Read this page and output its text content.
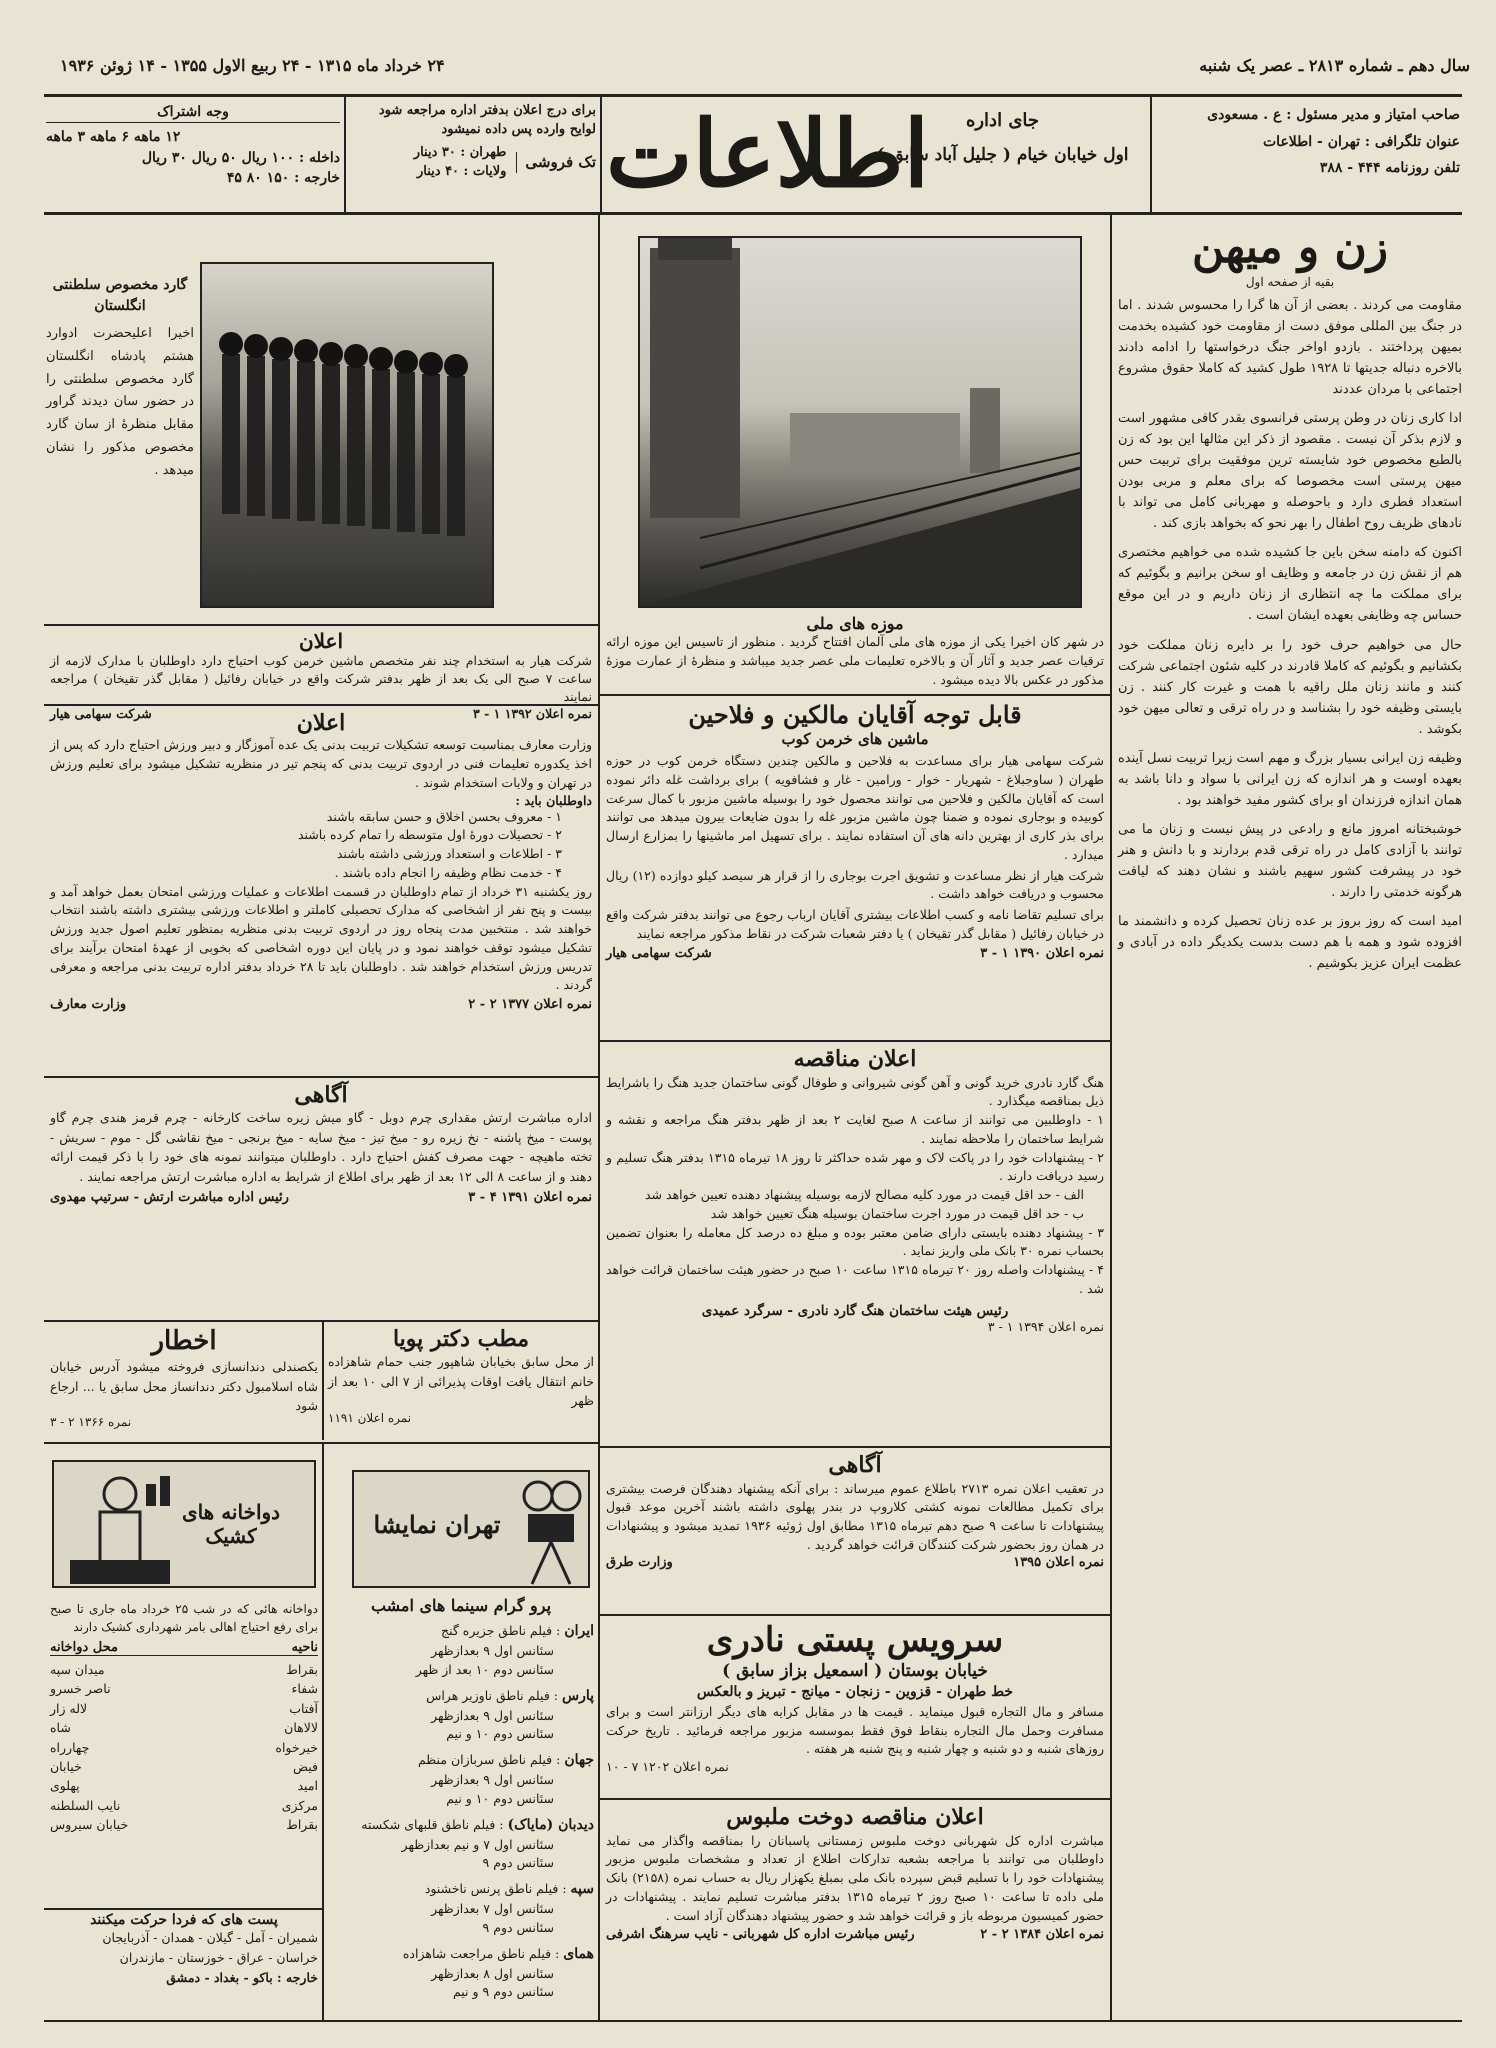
سال دهم ـ شماره ۲۸۱۳ ـ عصر یک شنبه
۲۴ خرداد ماه ۱۳۱۵ - ۲۴ ربیع الاول ۱۳۵۵ - ۱۴ ژوئن ۱۹۳۶
صاحب امتیاز و مدیر مسئول : ع . مسعودی
عنوان تلگرافی : تهران - اطلاعات
تلفن روزنامه ۴۴۴ - ۳۸۸
اطلاعات	جای اداره
اول خیابان خیام ( جلیل آباد سابق )
برای درج اعلان بدفتر اداره مراجعه شود
لوایح وارده پس داده نمیشود
تک فروشی
طهران : ۳۰ دینار
ولایات : ۴۰ دینار
وجه اشتراک
۱۲ ماهه ۶ ماهه ۳ ماهه
داخله : ۱۰۰ ریال ۵۰ ریال ۳۰ ریال
خارجه : ۱۵۰ ۸۰ ۴۵
زن و میهن
بقیه از صفحه اول

مقاومت می کردند . بعضی از آن ها گرا را محسوس شدند . اما در جنگ بین المللی موفق دست از مقاومت خود کشیده بخدمت بمیهن پرداختند . بازدو اواخر جنگ درخواستها را ادامه دادند بالاخره دنباله جدیتها تا ۱۹۲۸ طول کشید که کاملا حقوق مشروع اجتماعی با مردان عددند

ادا کاری زنان در وطن پرستی فرانسوی بقدر کافی مشهور است و لازم بذکر آن نیست . مقصود از ذکر این مثالها این بود که زن بالطبع مخصوص خود شایسته ترین موفقیت برای تربیت حس میهن پرستی است مخصوصا که برای معلم و مربی بودن استعداد فطری دارد و باحوصله و مهربانی کامل می تواند با نادهای ظریف روح اطفال را بهر نحو که بخواهد بازی کند .

اکنون که دامنه سخن باین جا کشیده شده می خواهیم مختصری هم از نقش زن در جامعه و وظایف او سخن برانیم و بگوئیم که برای مملکت ما چه انتظاری از زنان داریم و در این موقع حساس چه وظایفی بعهده ایشان است .

حال می خواهیم حرف خود را بر دایره زنان مملکت خود بکشانیم و بگوئیم که کاملا قادرند در کلیه شئون اجتماعی شرکت کنند و مانند زنان ملل راقیه با همت و غیرت کار کنند . زن بایستی وظیفه خود را بشناسد و در راه ترقی و تعالی میهن خود بکوشد .

وظیفه زن ایرانی بسیار بزرگ و مهم است زیرا تربیت نسل آینده بعهده اوست و هر اندازه که زن ایرانی با سواد و دانا باشد به همان اندازه فرزندان او برای کشور مفید خواهند بود .

خوشبختانه امروز مانع و رادعی در پیش نیست و زنان ما می توانند با آزادی کامل در راه ترقی قدم بردارند و با دانش و هنر خود در پیشرفت کشور سهیم باشند و نشان دهند که لیاقت هرگونه خدمتی را دارند .

امید است که روز بروز بر عده زنان تحصیل کرده و دانشمند ما افزوده شود و همه با هم دست بدست یکدیگر داده در آبادی و عظمت ایران عزیز بکوشیم .

موزه های ملی
در شهر کان اخیرا یکی از موزه های ملی آلمان افتتاح گردید . منظور از تاسیس این موزه ارائه ترقیات عصر جدید و آثار آن و بالاخره تعلیمات ملی عصر جدید میباشد و منظرۀ از عمارت موزۀ مذکور در عکس بالا دیده میشود .
گارد مخصوص سلطنتی انگلستان
اخیرا اعلیحضرت ادوارد هشتم پادشاه انگلستان گارد مخصوص سلطنتی را در حضور سان دیدند گراور مقابل منظرۀ از سان گارد مخصوص مذکور را نشان میدهد .
اعلان
شرکت هیار به استخدام چند نفر متخصص ماشین خرمن کوب احتیاج دارد داوطلبان با مدارک لازمه از ساعت ۷ صبح الی یک بعد از ظهر بدفتر شرکت واقع در خیابان رفائیل ( مقابل گذر تقیخان ) مراجعه نمایند
نمره اعلان ۱۳۹۲ ۱ - ۳
شرکت سهامی هیار	اعلان
وزارت معارف بمناسبت توسعه تشکیلات تربیت بدنی یک عده آموزگار و دبیر ورزش احتیاج دارد که پس از اخذ یکدوره تعلیمات فنی در اردوی تربیت بدنی که پنجم تیر در منظریه تشکیل میشود برای تعلیم ورزش در تهران و ولایات استخدام شوند .
داوطلبان باید :
۱ - معروف بحسن اخلاق و حسن سابقه باشند
۲ - تحصیلات دورۀ اول متوسطه را تمام کرده باشند
۳ - اطلاعات و استعداد ورزشی داشته باشند
۴ - خدمت نظام وظیفه را انجام داده باشند .
روز یکشنبه ۳۱ خرداد از تمام داوطلبان در قسمت اطلاعات و عملیات ورزشی امتحان بعمل خواهد آمد و بیست و پنج نفر از اشخاصی که مدارک تحصیلی کاملتر و اطلاعات ورزشی بیشتری داشته باشند انتخاب خواهند شد . منتخبین مدت پنجاه روز در اردوی تربیت بدنی منظریه بمنظور تعلیم اصول جدید ورزش تشکیل میشود توقف خواهند نمود و در پایان این دوره اشخاصی که بخوبی از عهدۀ امتحان برآیند برای تدریس ورزش استخدام خواهند شد . داوطلبان باید تا ۲۸ خرداد بدفتر اداره تربیت بدنی مراجعه و معرفی گردند .
نمره اعلان ۱۳۷۷ ۲ - ۲
وزارت معارف
آگاهی
اداره مباشرت ارتش مقداری چرم دوبل - گاو میش زیره ساخت کارخانه - چرم قرمز هندی چرم گاو پوست - میخ پاشنه - نخ زیره رو - میخ تیز - میخ سایه - میخ برنجی - میخ نقاشی گل - موم - سریش - تخته ماهیچه - جهت مصرف کفش احتیاج دارد . داوطلبان میتوانند نمونه های خود را با ذکر قیمت ارائه دهند و از ساعت ۸ الی ۱۲ بعد از ظهر برای اطلاع از شرایط به اداره مباشرت ارتش مراجعه نمایند .
نمره اعلان ۱۳۹۱ ۴ - ۳
رئیس اداره مباشرت ارتش - سرتیپ مهدوی
مطب دکتر پویا
از محل سابق بخیابان شاهپور جنب حمام شاهزاده خانم انتقال یافت اوقات پذیرائی از ۷ الی ۱۰ بعد از ظهر
نمره اعلان ۱۱۹۱
اخطار
یکصندلی دندانسازی فروخته میشود آدرس خیابان شاه اسلامبول دکتر دندانساز محل سابق یا ... ارجاع شود
نمره ۱۳۶۶ ۲ - ۳
دواخانه های کشیک
دواخانه هائی که در شب ۲۵ خرداد ماه جاری تا صبح برای رفع احتیاج اهالی بامر شهرداری کشیک دارند
ناحیه
محل دواخانه
بقراط
میدان سپه
شفاء
ناصر خسرو
آفتاب
لاله زار
لالاهان
شاه
خیرخواه
چهارراه
فیض
خیابان
امید
پهلوی
مرکزی
نایب السلطنه
بقراط
خیابان سیروس
پست های که فردا حرکت میکنند
شمیران - آمل - گیلان - همدان - آذربایجان
خراسان - عراق - خوزستان - مازندران
خارجه : باکو - بغداد - دمشق
تهران نمایشا
پرو گرام سینما های امشب
ایران : فیلم ناطق جزیره گنج
سئانس اول ۹ بعدازظهر
سئانس دوم ۱۰ بعد از ظهر
پارس : فیلم ناطق ناوزیر هراس
سئانس اول ۹ بعدازظهر
سئانس دوم ۱۰ و نیم
جهان : فیلم ناطق سربازان منظم
سئانس اول ۹ بعدازظهر
سئانس دوم ۱۰ و نیم
دیدبان (مایاک) : فیلم ناطق قلبهای شکسته
سئانس اول ۷ و نیم بعدازظهر
سئانس دوم ۹
سپه : فیلم ناطق پرنس ناخشنود
سئانس اول ۷ بعدازظهر
سئانس دوم ۹
همای : فیلم ناطق مراجعت شاهزاده
سئانس اول ۸ بعدازظهر
سئانس دوم ۹ و نیم
قابل توجه آقایان مالکین و فلاحین
ماشین های خرمن کوب
شرکت سهامی هیار برای مساعدت به فلاحین و مالکین چندین دستگاه خرمن کوب در حوزه طهران ( ساوجبلاغ - شهریار - خوار - ورامین - غار و فشافویه ) برای برداشت غله دائر نموده است که آقایان مالکین و فلاحین می توانند محصول خود را بوسیله ماشین مزبور با کمال سرعت کوبیده و بوجاری نموده و ضمنا چون ماشین مزبور غله را بدون ضایعات بیرون میدهد می توانند برای بذر کاری از بهترین دانه های آن استفاده نمایند . برای تسهیل امر ماشینها را بمزارع ارسال میدارد .
شرکت هیار از نظر مساعدت و تشویق اجرت بوجاری را از قرار هر سیصد کیلو دوازده (۱۲) ریال محسوب و دریافت خواهد داشت .
برای تسلیم تقاضا نامه و کسب اطلاعات بیشتری آقایان ارباب رجوع می توانند بدفتر شرکت واقع در خیابان رفائیل ( مقابل گذر تقیخان ) یا دفتر شعبات شرکت در نقاط مذکور مراجعه نمایند
نمره اعلان ۱۳۹۰ ۱ - ۳
شرکت سهامی هیار
اعلان مناقصه
هنگ گارد نادری خرید گونی و آهن گونی شیروانی و طوفال گونی ساختمان جدید هنگ را باشرایط ذیل بمناقصه میگذارد .
۱ - داوطلبین می توانند از ساعت ۸ صبح لغایت ۲ بعد از ظهر بدفتر هنگ مراجعه و نقشه و شرایط ساختمان را ملاحظه نمایند .
۲ - پیشنهادات خود را در پاکت لاک و مهر شده حداکثر تا روز ۱۸ تیرماه ۱۳۱۵ بدفتر هنگ تسلیم و رسید دریافت دارند .
الف - حد اقل قیمت در مورد کلیه مصالح لازمه بوسیله پیشنهاد دهنده تعیین خواهد شد
ب - حد اقل قیمت در مورد اجرت ساختمان بوسیله هنگ تعیین خواهد شد
۳ - پیشنهاد دهنده بایستی دارای ضامن معتبر بوده و مبلغ ده درصد کل معامله را بعنوان تضمین بحساب نمره ۳۰ بانک ملی واریز نماید .
۴ - پیشنهادات واصله روز ۲۰ تیرماه ۱۳۱۵ ساعت ۱۰ صبح در حضور هیئت ساختمان قرائت خواهد شد .
رئیس هیئت ساختمان هنگ گارد نادری - سرگرد عمیدی
نمره اعلان ۱۳۹۴ ۱ - ۳
آگاهی
در تعقیب اعلان نمره ۲۷۱۳ باطلاع عموم میرساند : برای آنکه پیشنهاد دهندگان فرصت بیشتری برای تکمیل مطالعات نمونه کشتی کلاروپ در بندر پهلوی داشته باشند آخرین موعد قبول پیشنهادات تا ساعت ۹ صبح دهم تیرماه ۱۳۱۵ مطابق اول ژوئیه ۱۹۳۶ تمدید میشود و پیشنهادات در همان روز بحضور شرکت کنندگان قرائت خواهد گردید .
نمره اعلان ۱۳۹۵
وزارت طرق
سرویس پستی نادری
خیابان بوستان ( اسمعیل بزاز سابق )
خط طهران - قزوین - زنجان - میانج - تبریز و بالعکس
مسافر و مال التجاره قبول مینماید . قیمت ها در مقابل کرایه های دیگر ارزانتر است و برای مسافرت وحمل مال التجاره بنقاط فوق فقط بموسسه مزبور مراجعه فرمائید . تاریخ حرکت روزهای شنبه و دو شنبه و چهار شنبه و پنج شنبه هر هفته .
نمره اعلان ۱۲۰۲ ۷ - ۱۰
اعلان مناقصه دوخت ملبوس
مباشرت اداره کل شهربانی دوخت ملبوس زمستانی پاسبانان را بمناقصه واگذار می نماید داوطلبان می توانند با مراجعه بشعبه تدارکات اطلاع از تعداد و مشخصات ملبوس مزبور پیشنهادات خود را با تسلیم قبض سپرده بانک ملی بمبلغ یکهزار ریال به حساب نمره (۲۱۵۸) بانک ملی داده تا ساعت ۱۰ صبح روز ۲ تیرماه ۱۳۱۵ بدفتر مباشرت تسلیم نمایند . پیشنهادات در حضور کمیسیون مربوطه باز و قرائت خواهد شد و حضور پیشنهاد دهندگان آزاد است .
نمره اعلان ۱۳۸۴ ۲ - ۲
رئیس مباشرت اداره کل شهربانی - نایب سرهنگ اشرفی
